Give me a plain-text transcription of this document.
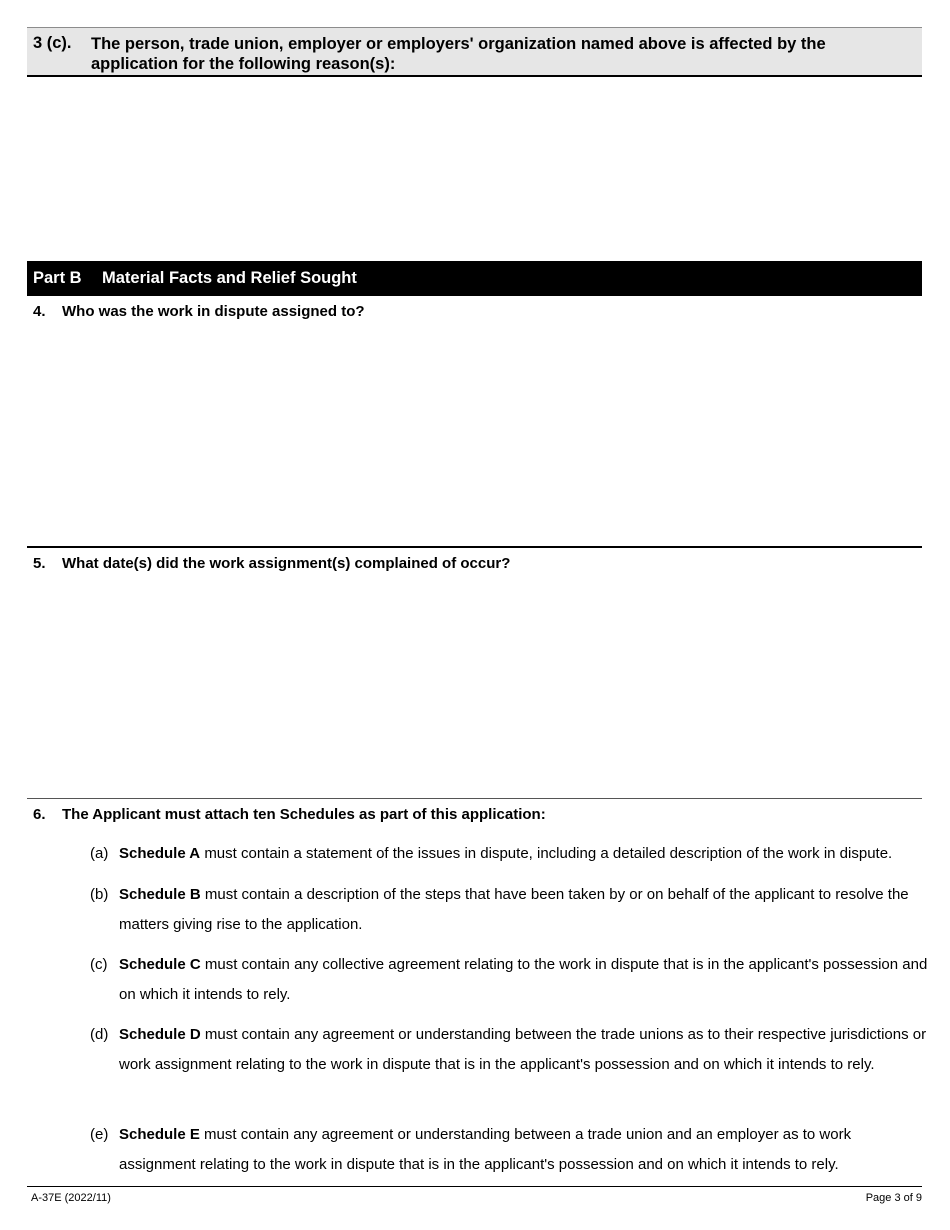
3 (c). The person, trade union, employer or employers' organization named above is affected by the application for the following reason(s):
Part B Material Facts and Relief Sought
4. Who was the work in dispute assigned to?
5. What date(s) did the work assignment(s) complained of occur?
6. The Applicant must attach ten Schedules as part of this application:
(a) Schedule A must contain a statement of the issues in dispute, including a detailed description of the work in dispute.
(b) Schedule B must contain a description of the steps that have been taken by or on behalf of the applicant to resolve the matters giving rise to the application.
(c) Schedule C must contain any collective agreement relating to the work in dispute that is in the applicant's possession and on which it intends to rely.
(d) Schedule D must contain any agreement or understanding between the trade unions as to their respective jurisdictions or work assignment relating to the work in dispute that is in the applicant's possession and on which it intends to rely.
(e) Schedule E must contain any agreement or understanding between a trade union and an employer as to work assignment relating to the work in dispute that is in the applicant's possession and on which it intends to rely.
A-37E (2022/11)	Page 3 of 9
